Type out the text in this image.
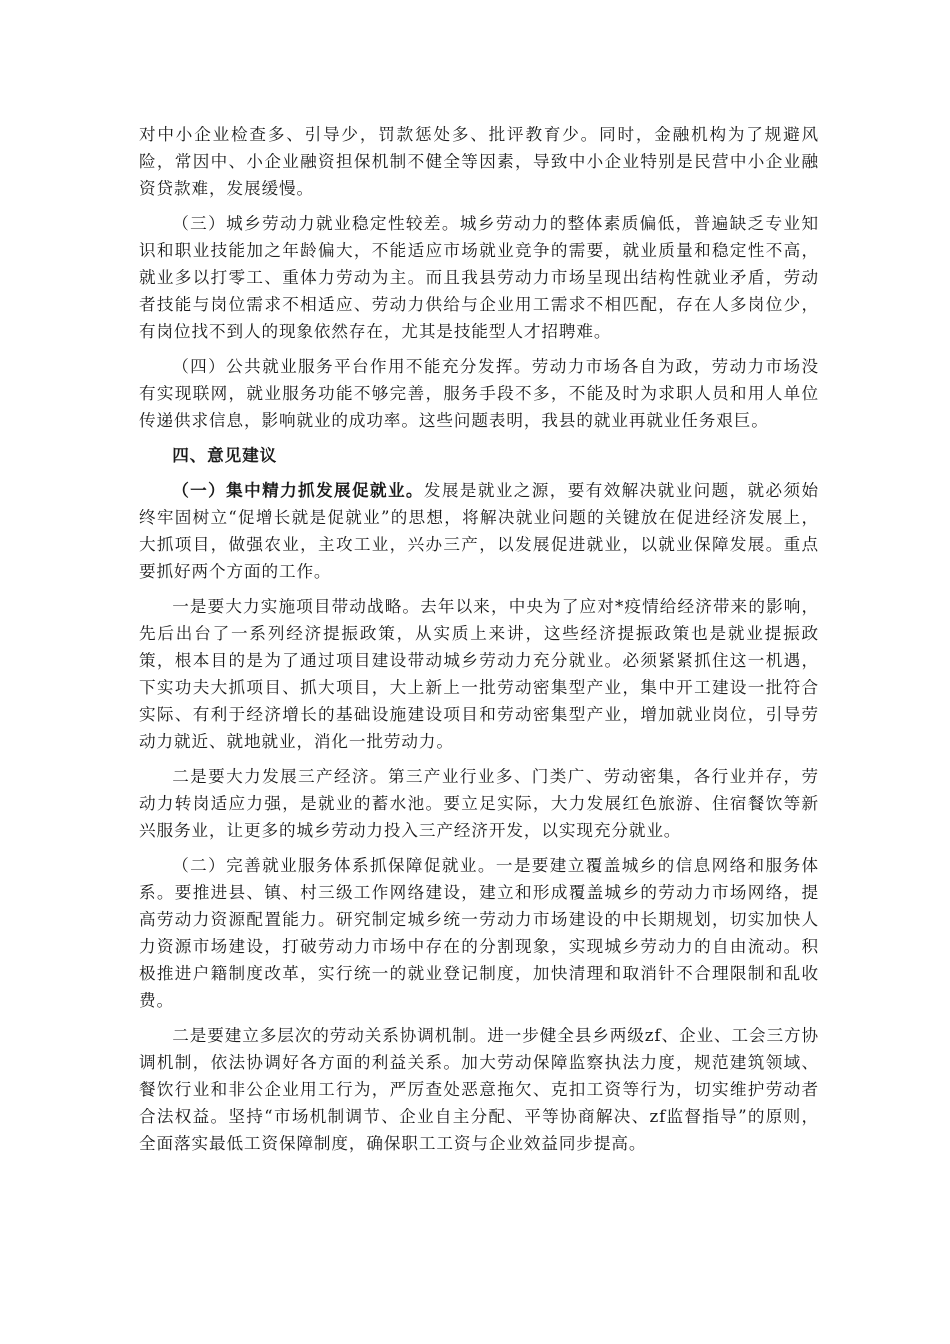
对中小企业检查多、引导少，罚款惩处多、批评教育少。同时，金融机构为了规避风险，常因中、小企业融资担保机制不健全等因素，导致中小企业特别是民营中小企业融资贷款难，发展缓慢。

（三）城乡劳动力就业稳定性较差。城乡劳动力的整体素质偏低，普遍缺乏专业知识和职业技能加之年龄偏大，不能适应市场就业竞争的需要，就业质量和稳定性不高，就业多以打零工、重体力劳动为主。而且我县劳动力市场呈现出结构性就业矛盾，劳动者技能与岗位需求不相适应、劳动力供给与企业用工需求不相匹配，存在人多岗位少，有岗位找不到人的现象依然存在，尤其是技能型人才招聘难。

（四）公共就业服务平台作用不能充分发挥。劳动力市场各自为政，劳动力市场没有实现联网，就业服务功能不够完善，服务手段不多，不能及时为求职人员和用人单位传递供求信息，影响就业的成功率。这些问题表明，我县的就业再就业任务艰巨。

四、意见建议

（一）集中精力抓发展促就业。发展是就业之源，要有效解决就业问题，就必须始终牢固树立“促增长就是促就业”的思想，将解决就业问题的关键放在促进经济发展上，大抓项目，做强农业，主攻工业，兴办三产，以发展促进就业，以就业保障发展。重点要抓好两个方面的工作。

一是要大力实施项目带动战略。去年以来，中央为了应对*疫情给经济带来的影响，先后出台了一系列经济提振政策，从实质上来讲，这些经济提振政策也是就业提振政策，根本目的是为了通过项目建设带动城乡劳动力充分就业。必须紧紧抓住这一机遇，下实功夫大抓项目、抓大项目，大上新上一批劳动密集型产业，集中开工建设一批符合实际、有利于经济增长的基础设施建设项目和劳动密集型产业，增加就业岗位，引导劳动力就近、就地就业，消化一批劳动力。

二是要大力发展三产经济。第三产业行业多、门类广、劳动密集，各行业并存，劳动力转岗适应力强，是就业的蓄水池。要立足实际，大力发展红色旅游、住宿餐饮等新兴服务业，让更多的城乡劳动力投入三产经济开发，以实现充分就业。

（二）完善就业服务体系抓保障促就业。一是要建立覆盖城乡的信息网络和服务体系。要推进县、镇、村三级工作网络建设，建立和形成覆盖城乡的劳动力市场网络，提高劳动力资源配置能力。研究制定城乡统一劳动力市场建设的中长期规划，切实加快人力资源市场建设，打破劳动力市场中存在的分割现象，实现城乡劳动力的自由流动。积极推进户籍制度改革，实行统一的就业登记制度，加快清理和取消针不合理限制和乱收费。

二是要建立多层次的劳动关系协调机制。进一步健全县乡两级zf、企业、工会三方协调机制，依法协调好各方面的利益关系。加大劳动保障监察执法力度，规范建筑领域、餐饮行业和非公企业用工行为，严厉查处恶意拖欠、克扣工资等行为，切实维护劳动者合法权益。坚持“市场机制调节、企业自主分配、平等协商解决、zf监督指导”的原则，全面落实最低工资保障制度，确保职工工资与企业效益同步提高。
